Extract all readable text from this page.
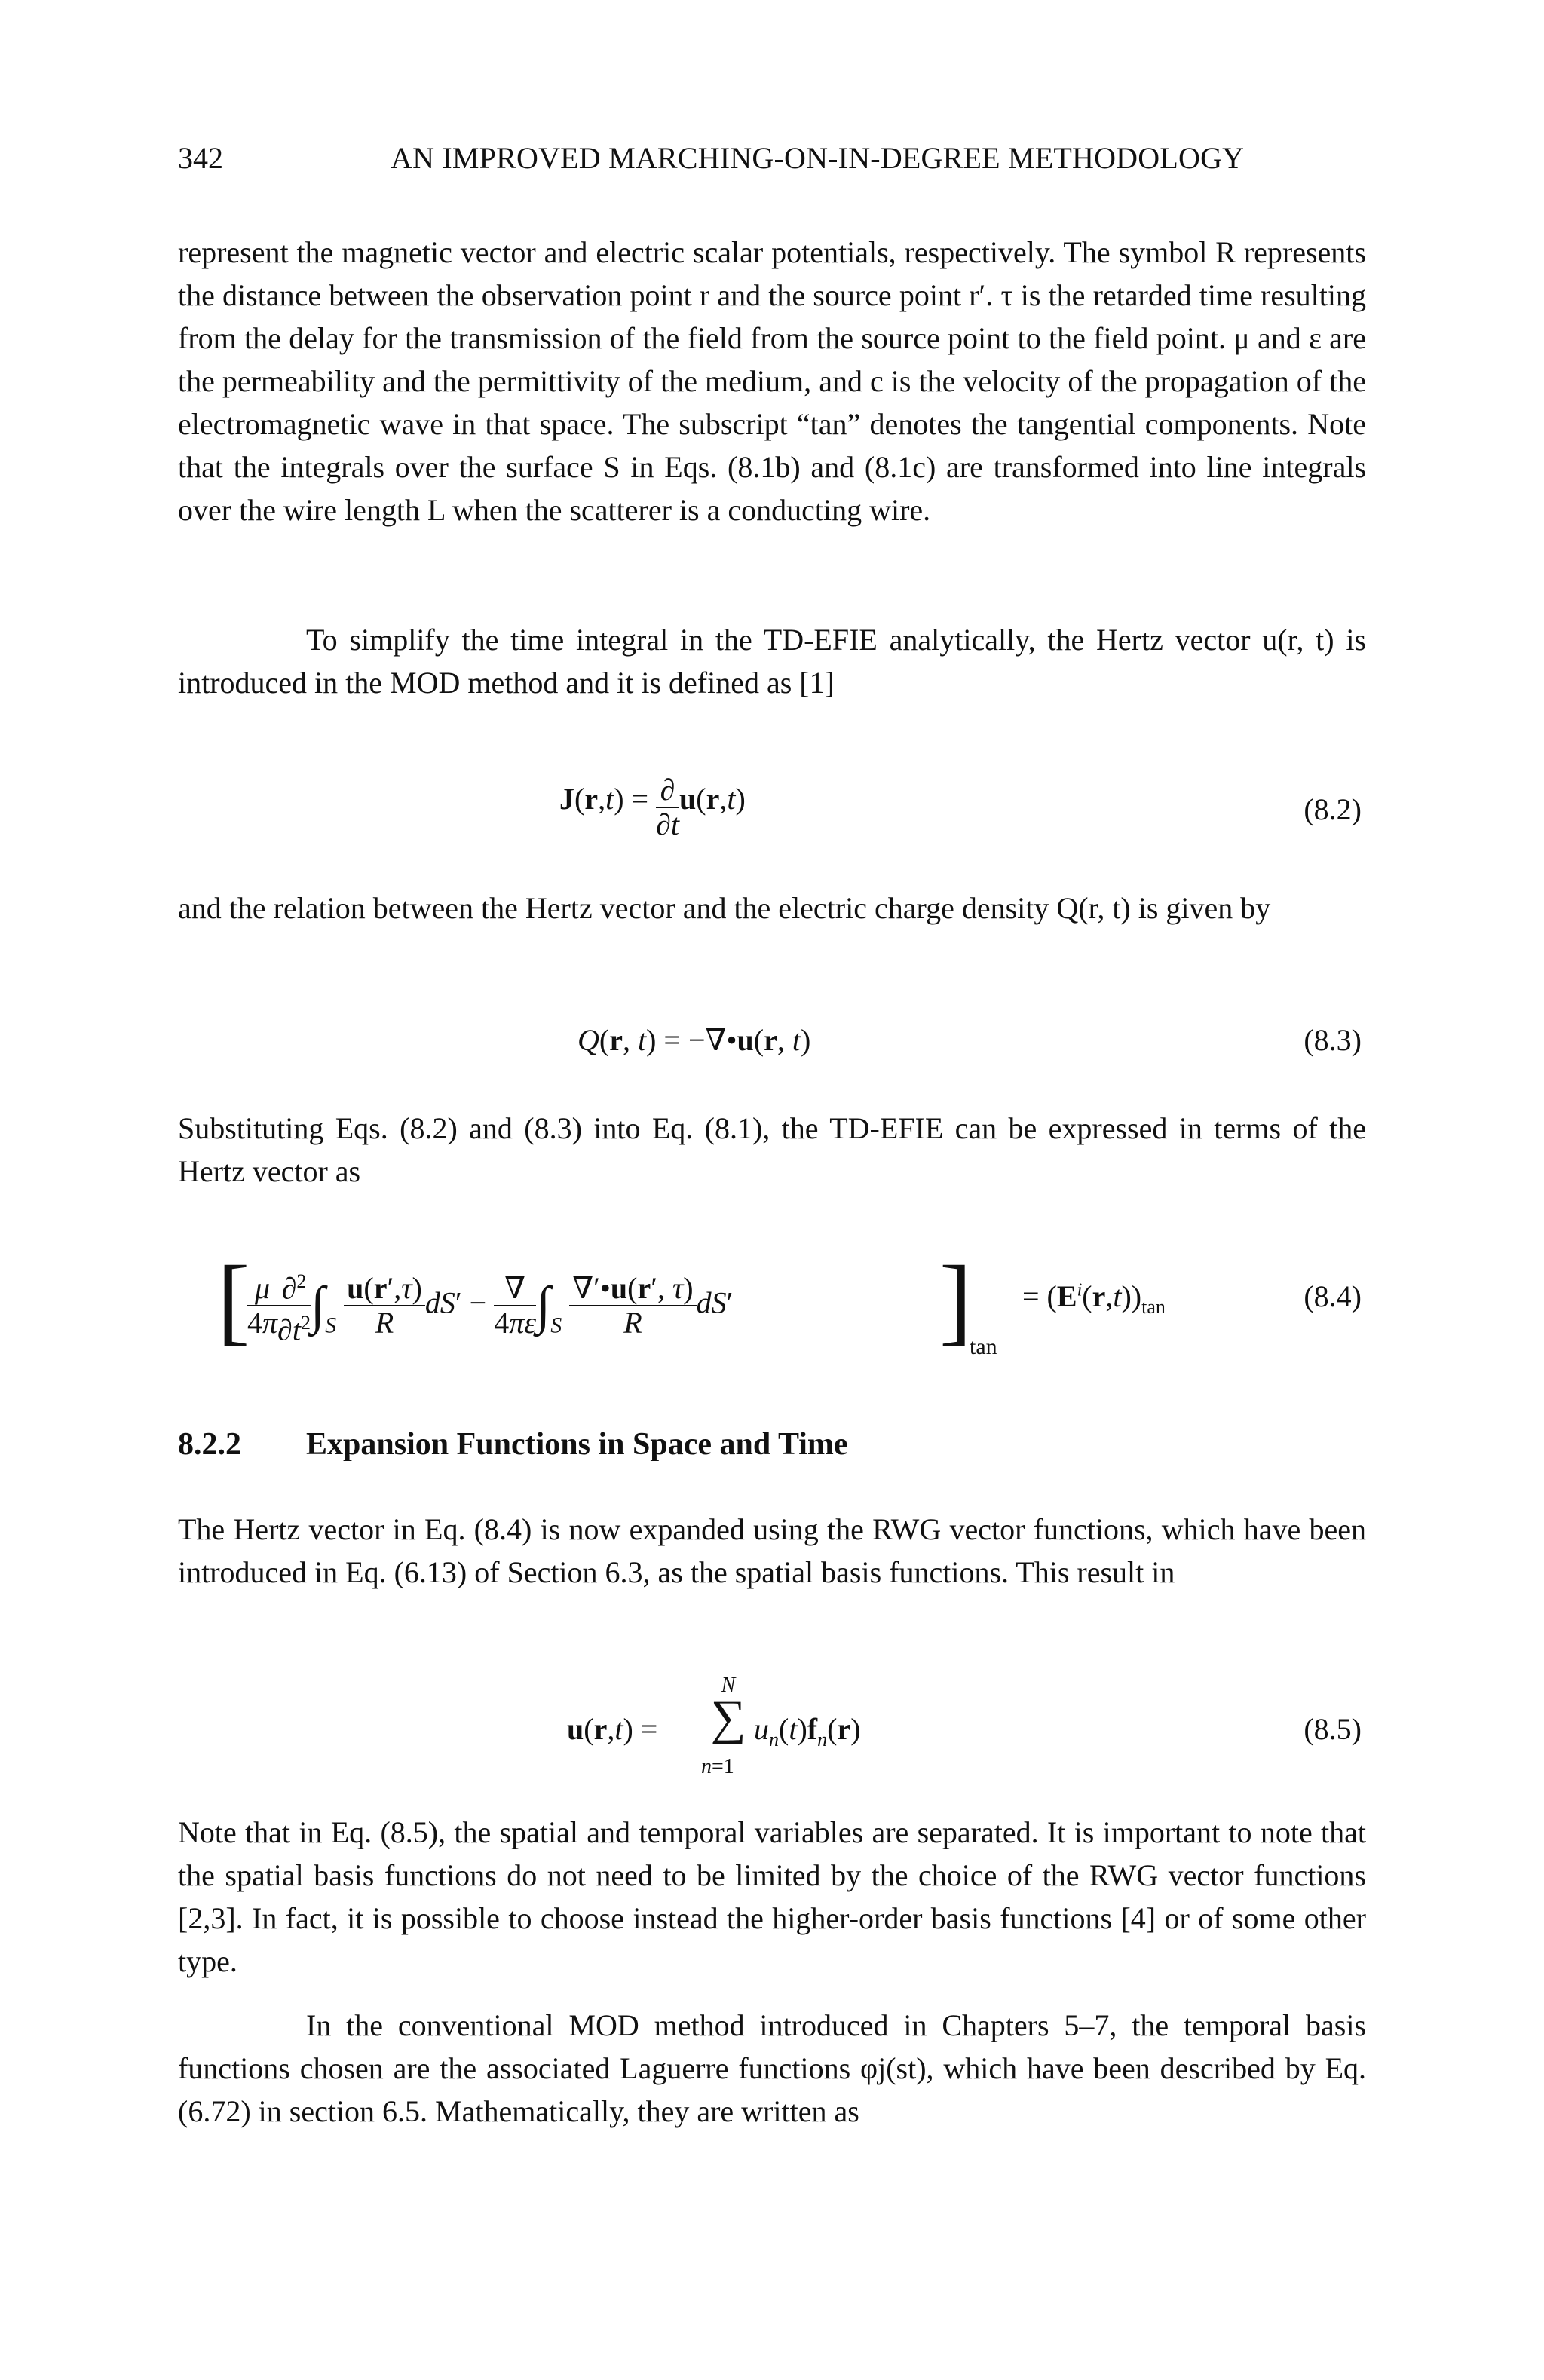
342	AN IMPROVED MARCHING-ON-IN-DEGREE METHODOLOGY

represent the magnetic vector and electric scalar potentials, respectively. The symbol R represents the distance between the observation point r and the source point r′. τ is the retarded time resulting from the delay for the transmission of the field from the source point to the field point. μ and ε are the permeability and the permittivity of the medium, and c is the velocity of the propagation of the electromagnetic wave in that space. The subscript “tan” denotes the tangential components. Note that the integrals over the surface S in Eqs. (8.1b) and (8.1c) are transformed into line integrals over the wire length L when the scatterer is a conducting wire.

To simplify the time integral in the TD-EFIE analytically, the Hertz vector u(r, t) is introduced in the MOD method and it is defined as [1]

$J(r,t) = \frac{\partial}{\partial t} u(r,t)$	(8.2)

and the relation between the Hertz vector and the electric charge density Q(r, t) is given by

Q(r, t) = −∇•u(r, t)	(8.3)

Substituting Eqs. (8.2) and (8.3) into Eq. (8.1), the TD-EFIE can be expressed in terms of the Hertz vector as

[
$\frac{\mu}{4\pi} \frac{\partial^2}{\partial t^2} \int_S \frac{u(r',\tau)}{R} dS' - \frac{\nabla}{4\pi\varepsilon} \int_S \frac{\nabla'•u(r', \tau)}{R} dS'$ ]
tan
= $(E^i(r,t))_{tan}$	(8.4)
8.2.2 Expansion Functions in Space and Time

The Hertz vector in Eq. (8.4) is now expanded using the RWG vector functions, which have been introduced in Eq. (6.13) of Section 6.3, as the spatial basis functions. This result in

u(r,t) =
N
∑
n=1
$u_n(t)f_n(r)$	(8.5)

Note that in Eq. (8.5), the spatial and temporal variables are separated. It is important to note that the spatial basis functions do not need to be limited by the choice of the RWG vector functions [2,3]. In fact, it is possible to choose instead the higher-order basis functions [4] or of some other type.

In the conventional MOD method introduced in Chapters 5–7, the temporal basis functions chosen are the associated Laguerre functions φj(st), which have been described by Eq. (6.72) in section 6.5. Mathematically, they are written as
